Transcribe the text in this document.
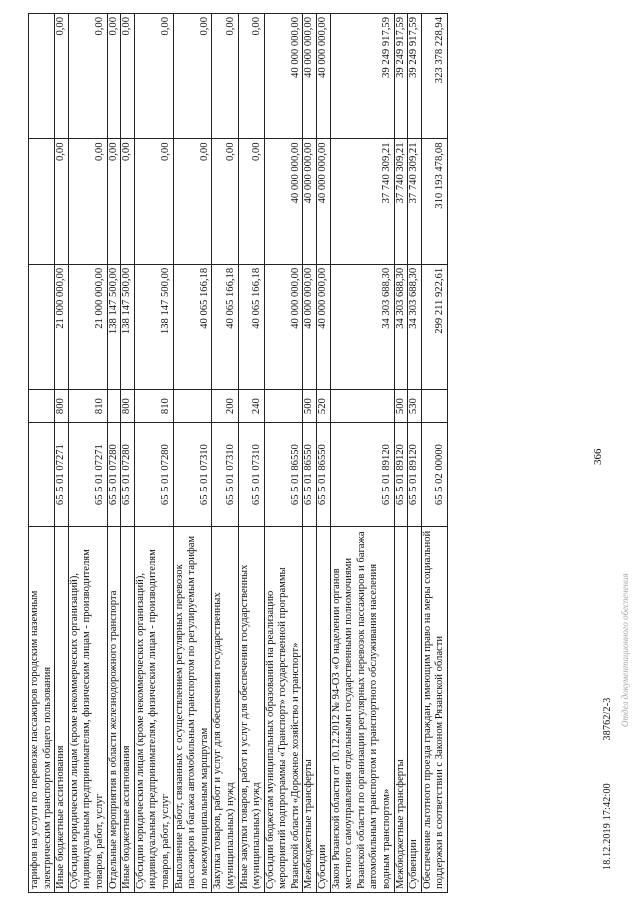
тарифов на услуги по перевозке пассажиров городским наземным электрическим транспортом общего пользования					
Иные бюджетные ассигнования	65 5 01 07271	800	21 000 000,00	0,00	0,00
Субсидии юридическим лицам (кроме некоммерческих организаций), индивидуальным предпринимателям, физическим лицам - производителям товаров, работ, услуг	65 5 01 07271	810	21 000 000,00	0,00	0,00
Отдельные мероприятия в области железнодорожного транспорта	65 5 01 07280		138 147 500,00	0,00	0,00
Иные бюджетные ассигнования	65 5 01 07280	800	138 147 500,00	0,00	0,00
Субсидии юридическим лицам (кроме некоммерческих организаций), индивидуальным предпринимателям, физическим лицам - производителям товаров, работ, услуг	65 5 01 07280	810	138 147 500,00	0,00	0,00
Выполнение работ, связанных с осуществлением регулярных перевозок пассажиров и багажа автомобильным транспортом по регулируемым тарифам по межмуниципальным маршрутам	65 5 01 07310		40 065 166,18	0,00	0,00
Закупка товаров, работ и услуг для обеспечения государственных (муниципальных) нужд	65 5 01 07310	200	40 065 166,18	0,00	0,00
Иные закупки товаров, работ и услуг для обеспечения государственных (муниципальных) нужд	65 5 01 07310	240	40 065 166,18	0,00	0,00
Субсидии бюджетам муниципальных образований на реализацию мероприятий подпрограммы «Транспорт» государственной программы Рязанской области «Дорожное хозяйство и транспорт»	65 5 01 86550		40 000 000,00	40 000 000,00	40 000 000,00
Межбюджетные трансферты	65 5 01 86550	500	40 000 000,00	40 000 000,00	40 000 000,00
Субсидии	65 5 01 86550	520	40 000 000,00	40 000 000,00	40 000 000,00
Закон Рязанской области от 10.12.2012 № 94-ОЗ «О наделении органов местного самоуправления отдельными государственными полномочиями Рязанской области по организации регулярных перевозок пассажиров и багажа автомобильным транспортом и транспортного обслуживания населения водным транспортом»	65 5 01 89120		34 303 688,30	37 740 309,21	39 249 917,59
Межбюджетные трансферты	65 5 01 89120	500	34 303 688,30	37 740 309,21	39 249 917,59
Субвенции	65 5 01 89120	530	34 303 688,30	37 740 309,21	39 249 917,59
Обеспечение льготного проезда граждан, имеющим право на меры социальной поддержки в соответствии с Законом Рязанской области	65 5 02 00000		299 211 922,61	310 193 478,08	323 378 228,94
366
18.12.2019 17:42:00 38762/2-3 Отдел документационного обеспечения
